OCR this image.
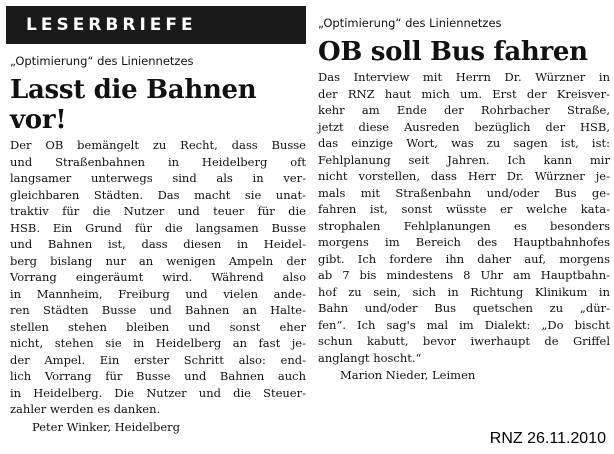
LESERBRIEFE

„Optimierung“ des Liniennetzes

Lasst die Bahnen vor!
Der OB bemängelt zu Recht, dass Busse
und Straßenbahnen in Heidelberg oft
langsamer unterwegs sind als in ver-
gleichbaren Städten. Das macht sie unat-
traktiv für die Nutzer und teuer für die
HSB. Ein Grund für die langsamen Busse
und Bahnen ist, dass diesen in Heidel-
berg bislang nur an wenigen Ampeln der
Vorrang eingeräumt wird. Während also
in Mannheim, Freiburg und vielen ande-
ren Städten Busse und Bahnen an Halte-
stellen stehen bleiben und sonst eher
nicht, stehen sie in Heidelberg an fast je-
der Ampel. Ein erster Schritt also: end-
lich Vorrang für Busse und Bahnen auch
in Heidelberg. Die Nutzer und die Steuer-
zahler werden es danken.
Peter Winker, Heidelberg

„Optimierung“ des Liniennetzes

OB soll Bus fahren
Das Interview mit Herrn Dr. Würzner in
der RNZ haut mich um. Erst der Kreisver-
kehr am Ende der Rohrbacher Straße,
jetzt diese Ausreden bezüglich der HSB,
das einzige Wort, was zu sagen ist, ist:
Fehlplanung seit Jahren. Ich kann mir
nicht vorstellen, dass Herr Dr. Würzner je-
mals mit Straßenbahn und/oder Bus ge-
fahren ist, sonst wüsste er welche kata-
strophalen Fehlplanungen es besonders
morgens im Bereich des Hauptbahnhofes
gibt. Ich fordere ihn daher auf, morgens
ab 7 bis mindestens 8 Uhr am Hauptbahn-
hof zu sein, sich in Richtung Klinikum in
Bahn und/oder Bus quetschen zu „dür-
fen“. Ich sag's mal im Dialekt: „Do bischt
schun kabutt, bevor iwerhaupt de Griffel
anglangt hoscht.“
Marion Nieder, Leimen
RNZ 26.11.2010
